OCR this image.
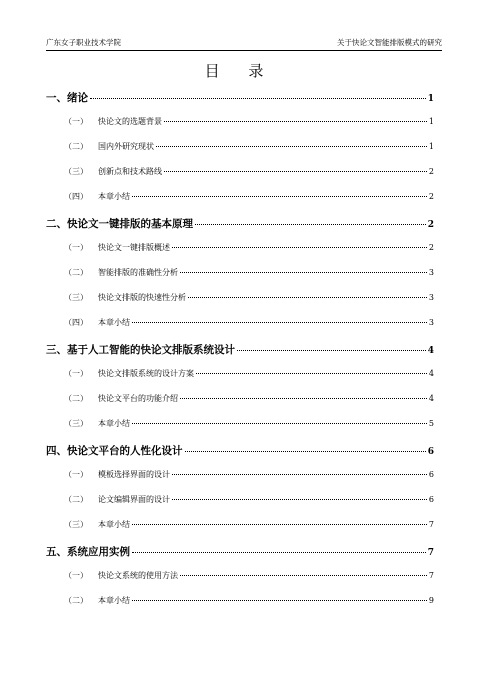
广东女子职业技术学院	关于快论文智能排版模式的研究
目 录
一、 绪论	1
（一）	快论文的选题背景	1
（二）	国内外研究现状	1
（三）	创新点和技术路线	2
（四）	本章小结	2
二、 快论文一键排版的基本原理	2
（一）	快论文一键排版概述	2
（二）	智能排版的准确性分析	3
（三）	快论文排版的快速性分析	3
（四）	本章小结	3
三、 基于人工智能的快论文排版系统设计	4
（一）	快论文排版系统的设计方案	4
（二）	快论文平台的功能介绍	4
（三）	本章小结	5
四、 快论文平台的人性化设计	6
（一）	模板选择界面的设计	6
（二）	论文编辑界面的设计	6
（三）	本章小结	7
五、 系统应用实例	7
（一）	快论文系统的使用方法	7
（二）	本章小结	9
